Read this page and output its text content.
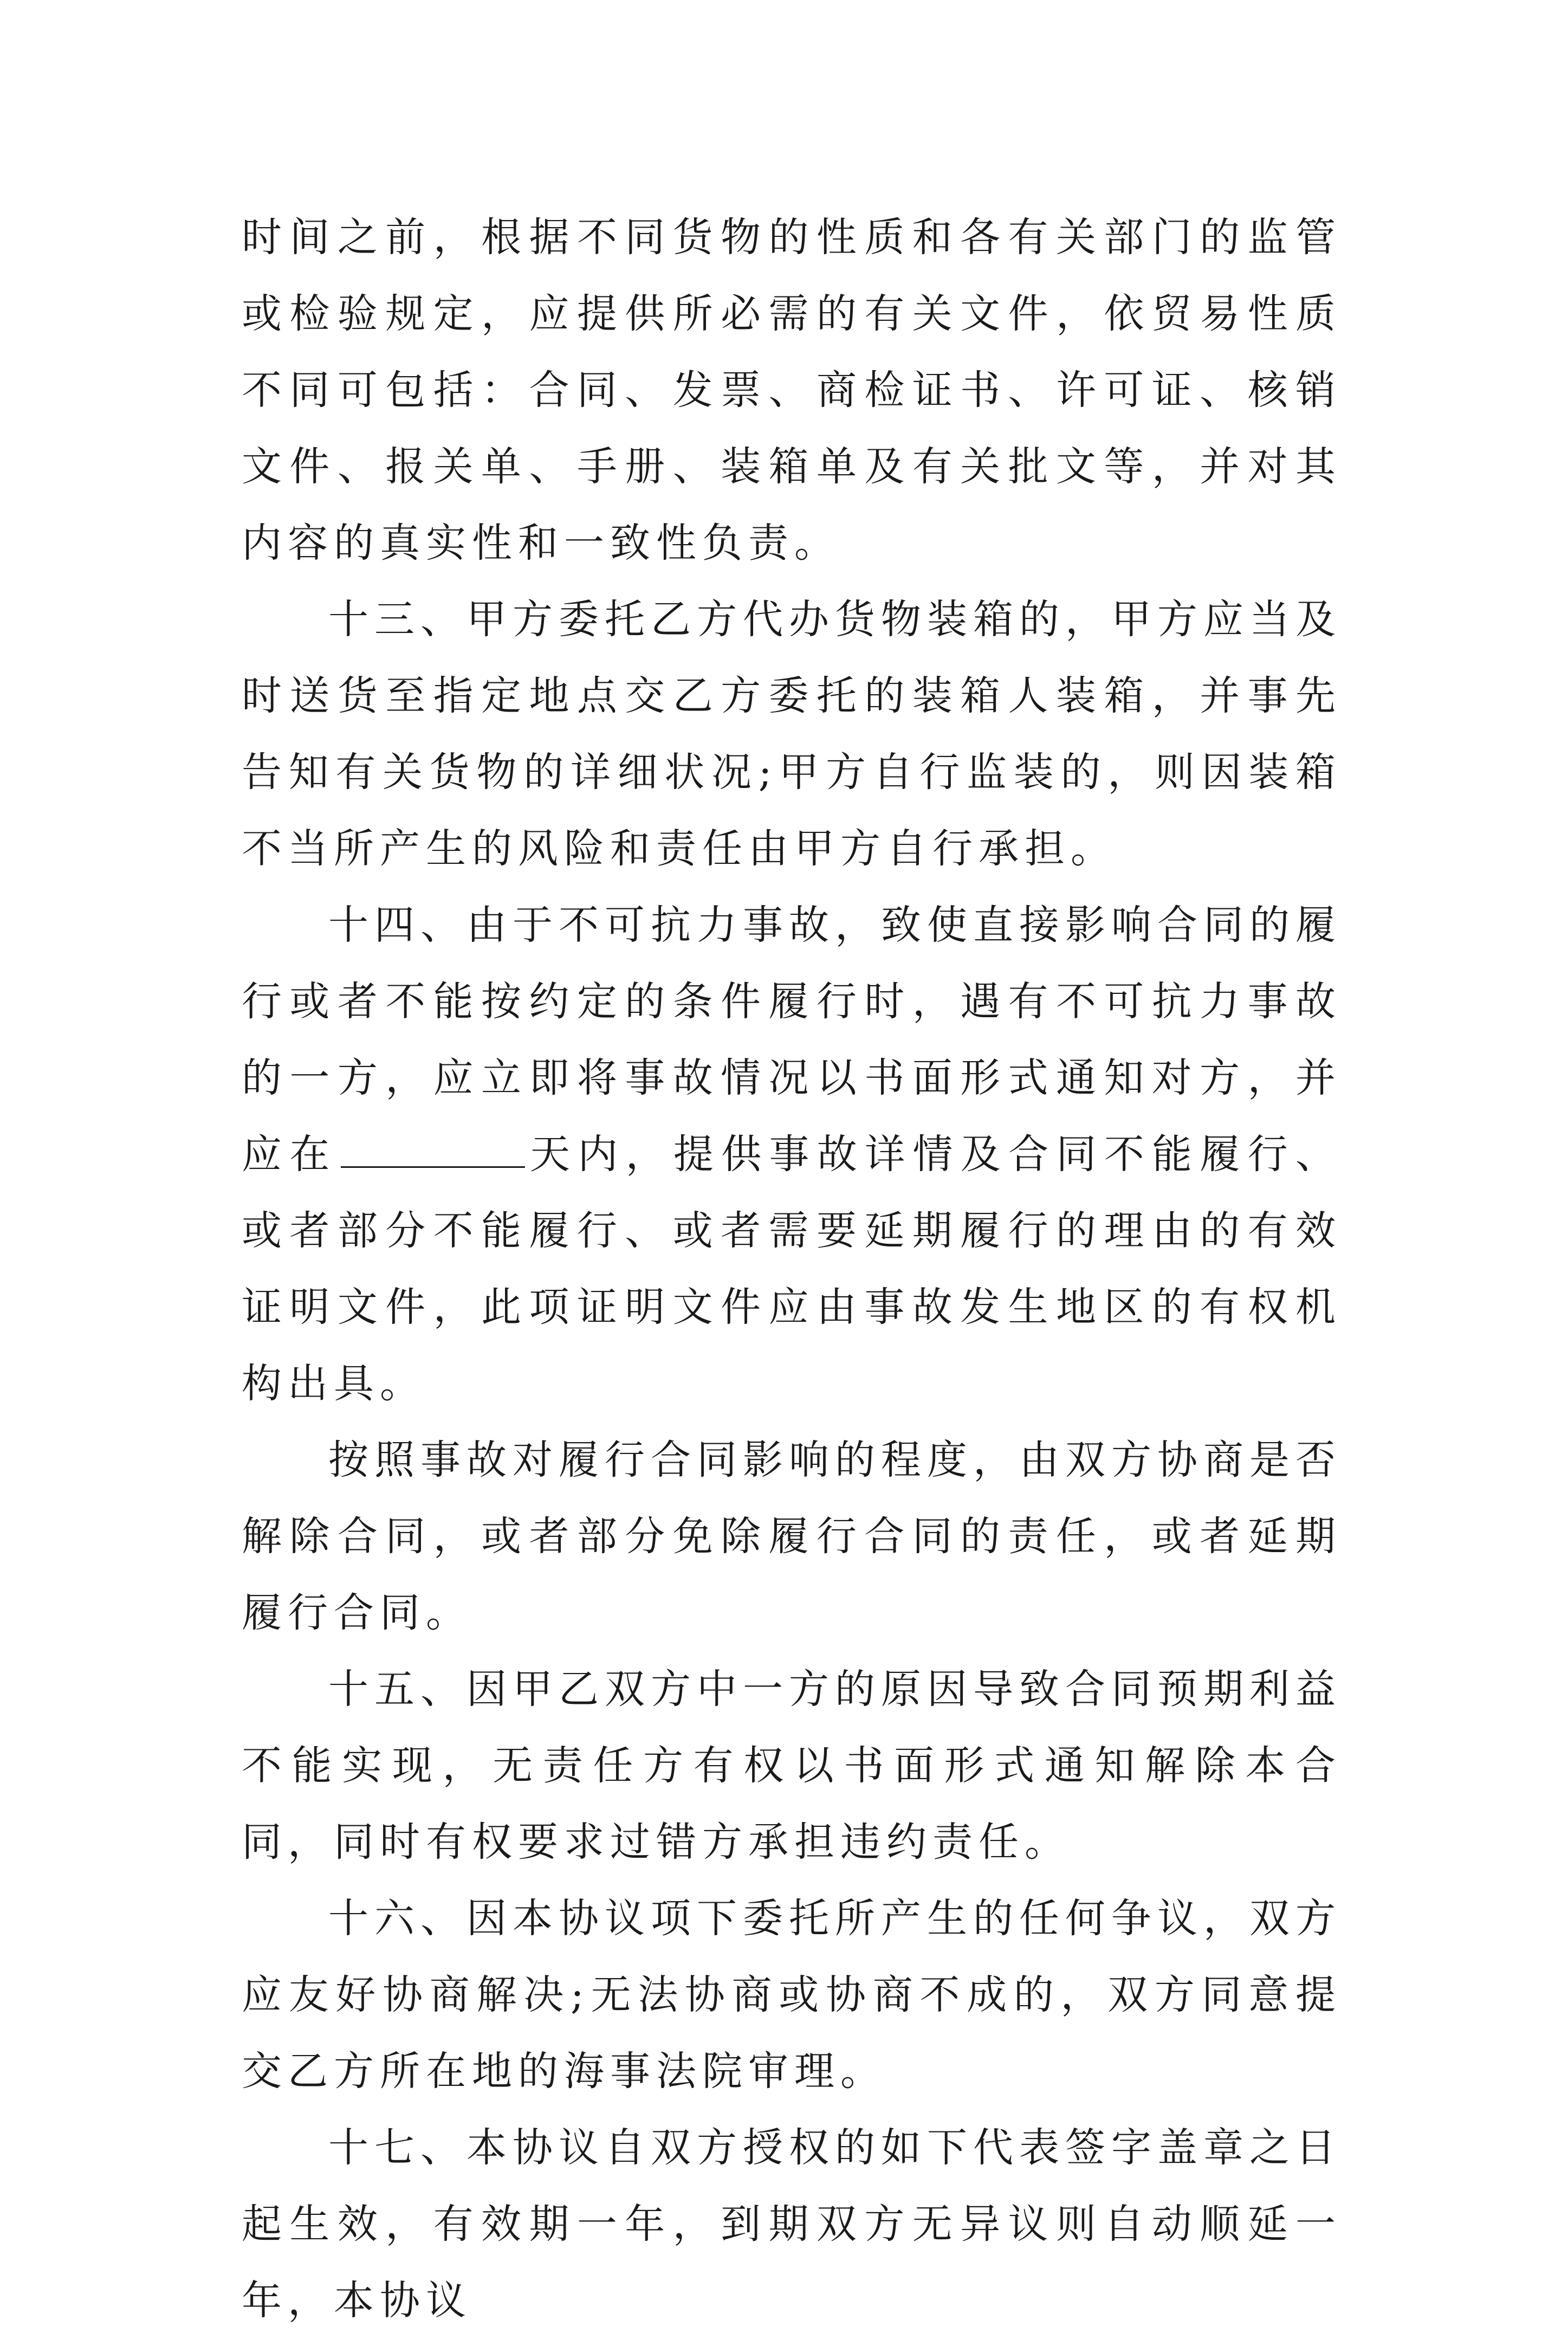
时间之前，根据不同货物的性质和各有关部门的监管或检验规定，应提供所必需的有关文件，依贸易性质不同可包括：合同、发票、商检证书、许可证、核销文件、报关单、手册、装箱单及有关批文等，并对其内容的真实性和一致性负责。

十三、甲方委托乙方代办货物装箱的，甲方应当及时送货至指定地点交乙方委托的装箱人装箱，并事先告知有关货物的详细状况;甲方自行监装的，则因装箱不当所产生的风险和责任由甲方自行承担。

十四、由于不可抗力事故，致使直接影响合同的履行或者不能按约定的条件履行时，遇有不可抗力事故的一方，应立即将事故情况以书面形式通知对方，并应在	天内，提供事故详情及合同不能履行、或者部分不能履行、或者需要延期履行的理由的有效证明文件，此项证明文件应由事故发生地区的有权机构出具。

按照事故对履行合同影响的程度，由双方协商是否解除合同，或者部分免除履行合同的责任，或者延期履行合同。

十五、因甲乙双方中一方的原因导致合同预期利益不能实现，无责任方有权以书面形式通知解除本合同，同时有权要求过错方承担违约责任。

十六、因本协议项下委托所产生的任何争议，双方应友好协商解决;无法协商或协商不成的，双方同意提交乙方所在地的海事法院审理。

十七、本协议自双方授权的如下代表签字盖章之日起生效，有效期一年，到期双方无异议则自动顺延一年，本协议
